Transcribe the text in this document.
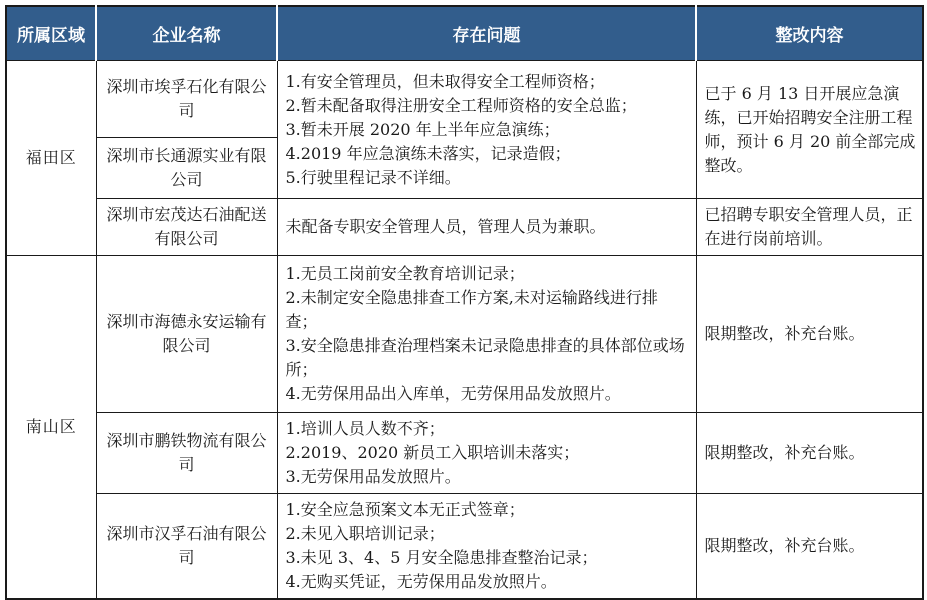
所属区域	企业名称	存在问题	整改内容
福田区	深圳市埃孚石化有限公司	1.有安全管理员，但未取得安全工程师资格；
2.暂未配备取得注册安全工程师资格的安全总监；
3.暂未开展 2020 年上半年应急演练；
4.2019 年应急演练未落实，记录造假；
5.行驶里程记录不详细。	已于 6 月 13 日开展应急演练，已开始招聘安全注册工程师，预计 6 月 20 前全部完成整改。
	深圳市长通源实业有限公司		
	深圳市宏茂达石油配送有限公司	未配备专职安全管理人员，管理人员为兼职。	已招聘专职安全管理人员，正在进行岗前培训。
南山区	深圳市海德永安运输有限公司	1.无员工岗前安全教育培训记录；
2.未制定安全隐患排查工作方案,未对运输路线进行排查；
3.安全隐患排查治理档案未记录隐患排查的具体部位或场所；
4.无劳保用品出入库单，无劳保用品发放照片。	限期整改，补充台账。
	深圳市鹏铁物流有限公司	1.培训人员人数不齐；
2.2019、2020 新员工入职培训未落实；
3.无劳保用品发放照片。	限期整改，补充台账。
	深圳市汉孚石油有限公司	1.安全应急预案文本无正式签章；
2.未见入职培训记录；
3.未见 3、4、5 月安全隐患排查整治记录；
4.无购买凭证，无劳保用品发放照片。	限期整改，补充台账。
